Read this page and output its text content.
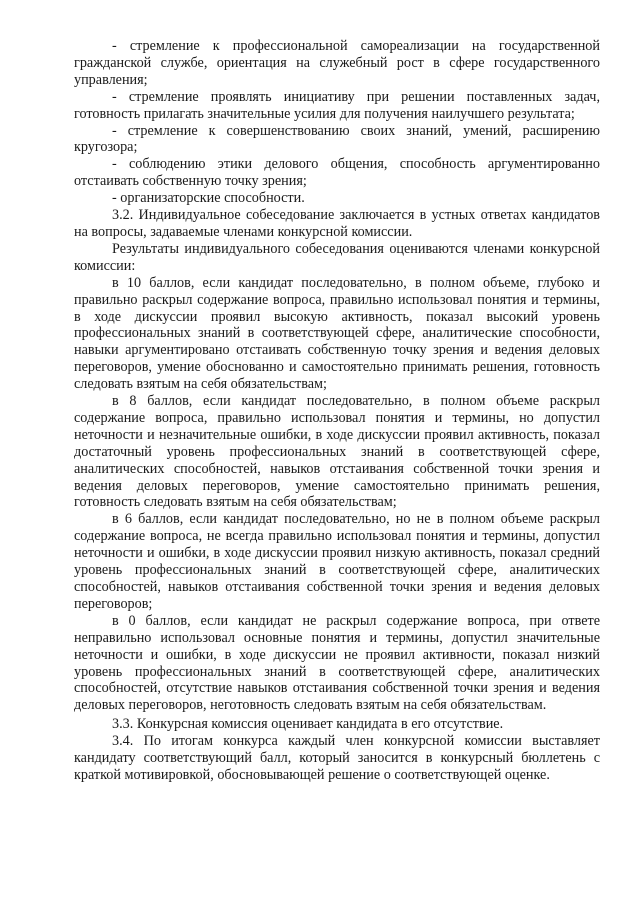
- стремление к профессиональной самореализации на государственной гражданской службе, ориентация на служебный рост в сфере государственного управления;

- стремление проявлять инициативу при решении поставленных задач, готовность прилагать значительные усилия для получения наилучшего результата;

- стремление к совершенствованию своих знаний, умений, расширению кругозора;

- соблюдению этики делового общения, способность аргументированно отстаивать собственную точку зрения;

- организаторские способности.

3.2. Индивидуальное собеседование заключается в устных ответах кандидатов на вопросы, задаваемые членами конкурсной комиссии.

Результаты индивидуального собеседования оцениваются членами конкурсной комиссии:

в 10 баллов, если кандидат последовательно, в полном объеме, глубоко и правильно раскрыл содержание вопроса, правильно использовал понятия и термины, в ходе дискуссии проявил высокую активность, показал высокий уровень профессиональных знаний в соответствующей сфере, аналитические способности, навыки аргументировано отстаивать собственную точку зрения и ведения деловых переговоров, умение обоснованно и самостоятельно принимать решения, готовность следовать взятым на себя обязательствам;

в 8 баллов, если кандидат последовательно, в полном объеме раскрыл содержание вопроса, правильно использовал понятия и термины, но допустил неточности и незначительные ошибки, в ходе дискуссии проявил активность, показал достаточный уровень профессиональных знаний в соответствующей сфере, аналитических способностей, навыков отстаивания собственной точки зрения и ведения деловых переговоров, умение самостоятельно принимать решения, готовность следовать взятым на себя обязательствам;

в 6 баллов, если кандидат последовательно, но не в полном объеме раскрыл содержание вопроса, не всегда правильно использовал понятия и термины, допустил неточности и ошибки, в ходе дискуссии проявил низкую активность, показал средний уровень профессиональных знаний в соответствующей сфере, аналитических способностей, навыков отстаивания собственной точки зрения и ведения деловых переговоров;

в 0 баллов, если кандидат не раскрыл содержание вопроса, при ответе неправильно использовал основные понятия и термины, допустил значительные неточности и ошибки, в ходе дискуссии не проявил активности, показал низкий уровень профессиональных знаний в соответствующей сфере, аналитических способностей, отсутствие навыков отстаивания собственной точки зрения и ведения деловых переговоров, неготовность следовать взятым на себя обязательствам.

3.3. Конкурсная комиссия оценивает кандидата в его отсутствие.

3.4. По итогам конкурса каждый член конкурсной комиссии выставляет кандидату соответствующий балл, который заносится в конкурсный бюллетень с краткой мотивировкой, обосновывающей решение о соответствующей оценке.
